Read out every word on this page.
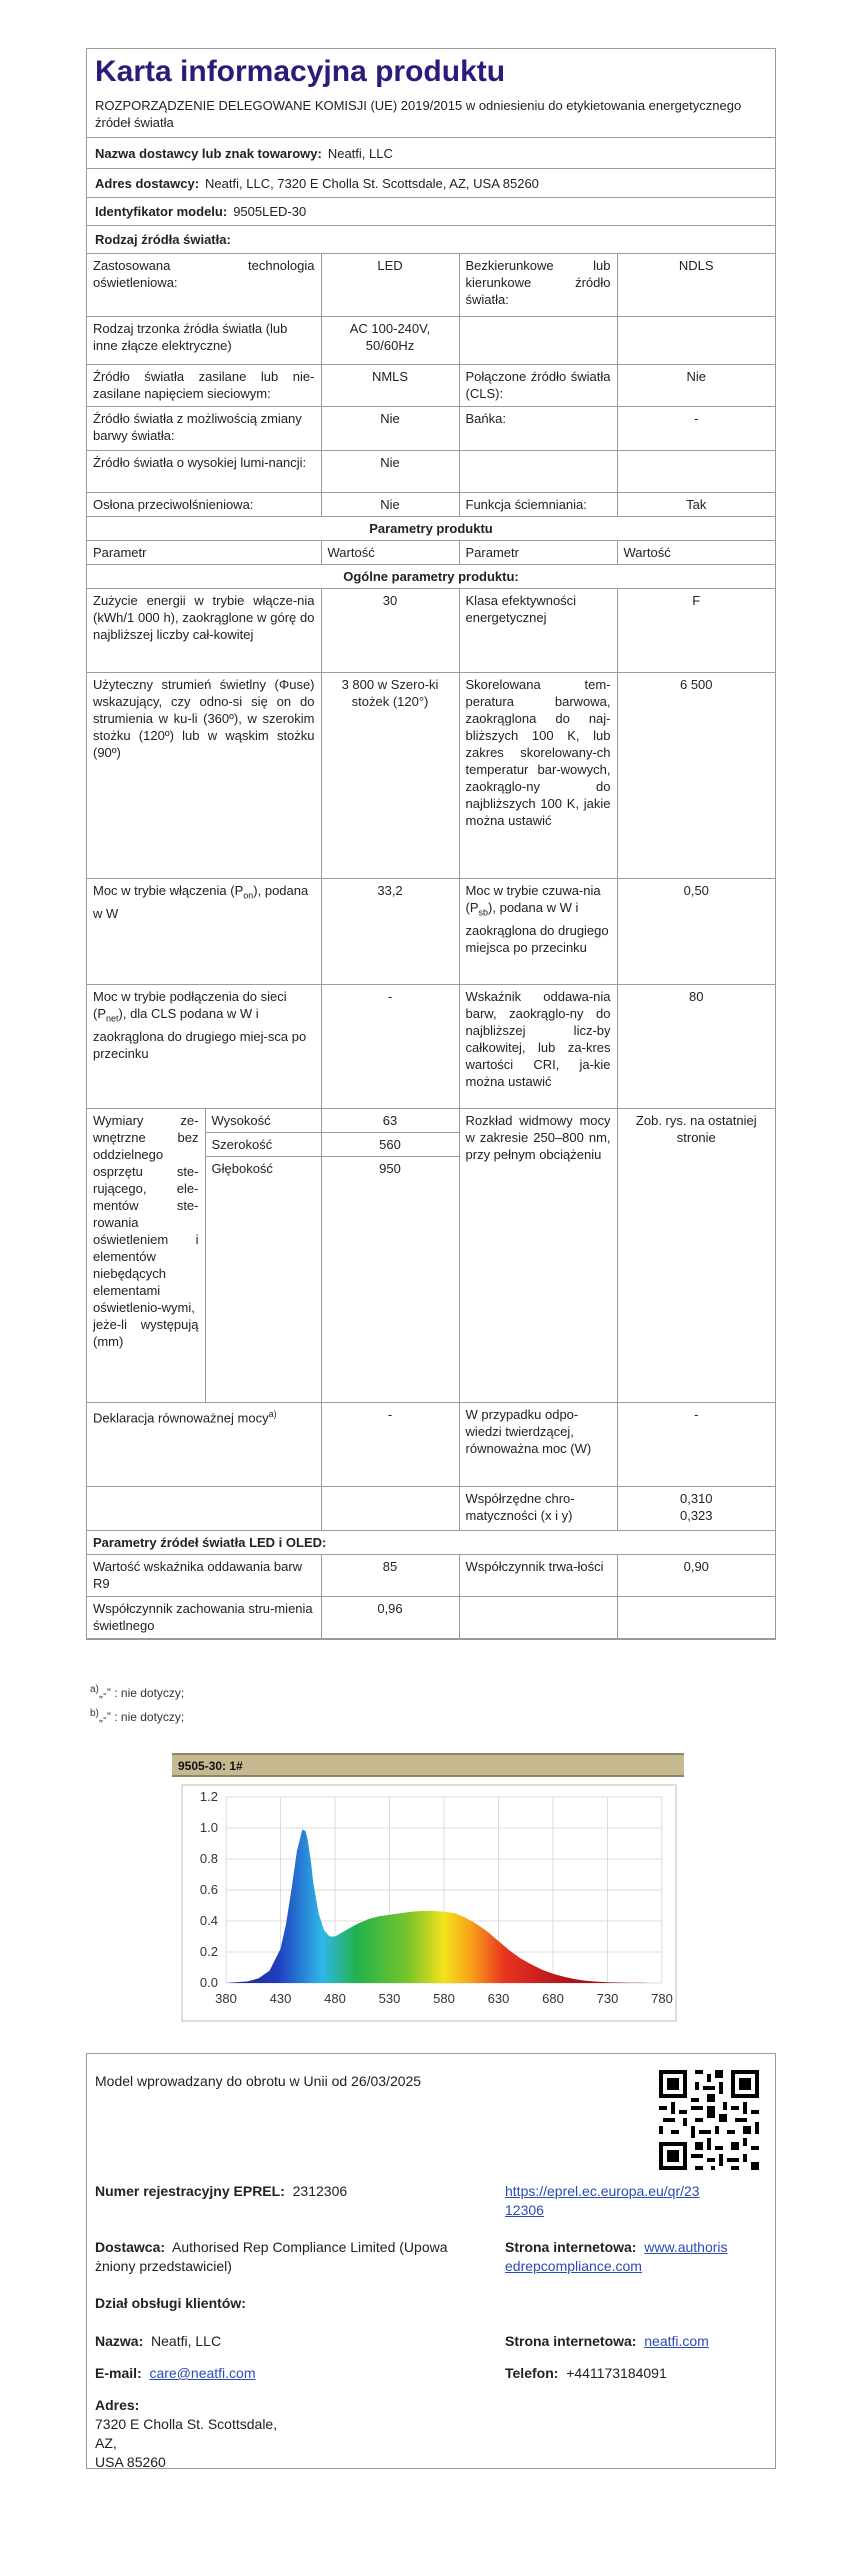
Karta informacyjna produktu
ROZPORZĄDZENIE DELEGOWANE KOMISJI (UE) 2019/2015 w odniesieniu do etykietowania energetycznego źródeł światła
Nazwa dostawcy lub znak towarowy: Neatfi, LLC
Adres dostawcy: Neatfi, LLC, 7320 E Cholla St. Scottsdale, AZ, USA 85260
Identyfikator modelu: 9505LED-30
Rodzaj źródła światła:
Zastosowana technologia oświetleniowa:	LED	Bezkierunkowe lub kierunkowe źródło światła:	NDLS
Rodzaj trzonka źródła światła (lub inne złącze elektryczne)	AC 100-240V, 50/60Hz		
Źródło światła zasilane lub nie-zasilane napięciem sieciowym:	NMLS	Połączone źródło światła (CLS):	Nie
Źródło światła z możliwością zmiany barwy światła:	Nie	Bańka:	-
Źródło światła o wysokiej lumi-nancji:	Nie		
Osłona przeciwolśnieniowa:	Nie	Funkcja ściemniania:	Tak
Parametry produktu			
Parametr	Wartość	Parametr	Wartość
Ogólne parametry produktu:			
Zużycie energii w trybie włącze-nia (kWh/1 000 h), zaokrąglone w górę do najbliższej liczby cał-kowitej		30	Klasa efektywności energetycznej	F
Użyteczny strumień świetlny (Φuse) wskazujący, czy odno-si się on do strumienia w ku-li (360º), w szerokim stożku (120º) lub w wąskim stożku (90º)		3 800 w Szero-ki stożek (120°)	Skorelowana tem-peratura barwowa, zaokrąglona do naj-bliższych 100 K, lub zakres skorelowany-ch temperatur bar-wowych, zaokrąglo-ny do najbliższych 100 K, jakie można ustawić	6 500
Moc w trybie włączenia $(P_{on})$, podana w W		33,2	Moc w trybie czuwa-nia $(P_{sb})$, podana w W i zaokrąglona do drugiego miejsca po przecinku	0,50
Moc w trybie podłączenia do sieci $(P_{net})$, dla CLS podana w W i zaokrąglona do drugiego miej-sca po przecinku		-	Wskaźnik oddawa-nia barw, zaokrąglo-ny do najbliższej licz-by całkowitej, lub za-kres wartości CRI, ja-kie można ustawić	80
Wymiary ze-wnętrzne bez oddzielnego osprzętu ste-rującego, ele-mentów ste-rowania oświetleniem i elementów niebędących elementami oświetlenio-wymi, jeże-li występują (mm)	Wysokość	63	Rozkład widmowy mocy w zakresie 250–800 nm, przy pełnym obciążeniu	Zob. rys. na ostatniej stronie
	Szerokość	560		
	Głębokość	950		
Deklaracja równoważnej mocy$^{a)}$		-	W przypadku odpo-wiedzi twierdzącej, równoważna moc (W)	-
			Współrzędne chro-matyczności (x i y)	0,310
0,323
Parametry źródeł światła LED i OLED:			
Wartość wskaźnika oddawania barw R9	85	Współczynnik trwa-łości	0,90
Współczynnik zachowania stru-mienia świetlnego	0,96		
$^{a)}$„-” : nie dotyczy;
$^{b)}$„-” : nie dotyczy;
9505-30: 1#
380	430	480	530	580	630	680	730	780
0.0
0.2
0.4
0.6
0.8
1.0
1.2
Model wprowadzany do obrotu w Unii od 26/03/2025
Numer rejestracyjny EPREL: 2312306	https://eprel.ec.europa.eu/qr/23
12306
Dostawca: Authorised Rep Compliance Limited (Upowa
żniony przedstawiciel)
Strona internetowa: www.authoris
edrepcompliance.com
Dział obsługi klientów:
Nazwa: Neatfi, LLC	Strona internetowa: neatfi.com
E-mail: care@neatfi.com	Telefon: +441173184091
Adres:
7320 E Cholla St. Scottsdale,
AZ,
USA 85260
